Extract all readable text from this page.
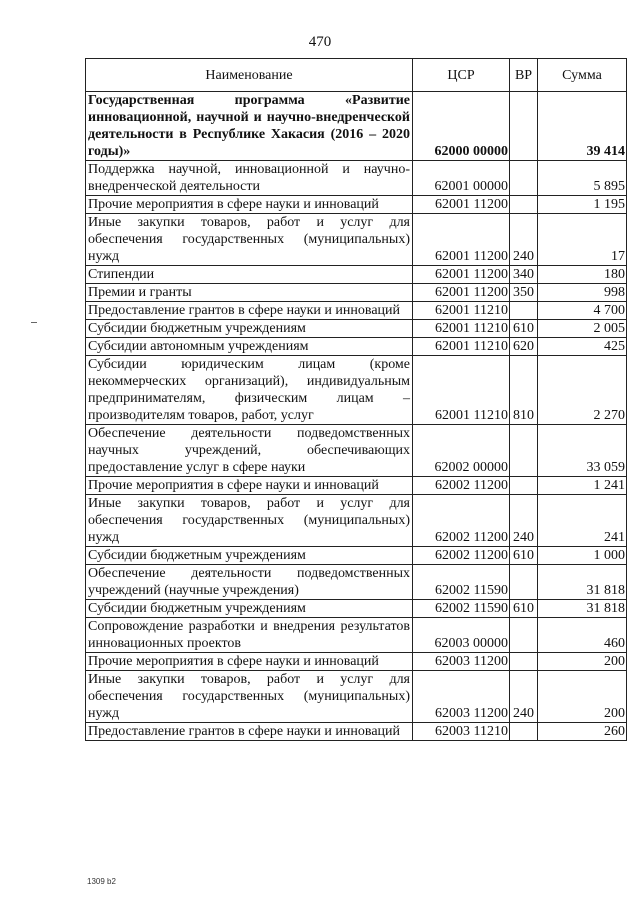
470
Наименование	ЦСР	ВР	Сумма
Государственная программа «Развитие инновационной, научной и научно-внедренческой деятельности в Республике Хакасия (2016 – 2020 годы)»	62000 00000		39 414
Поддержка научной, инновационной и научно-внедренческой деятельности	62001 00000		5 895
Прочие мероприятия в сфере науки и инноваций	62001 11200		1 195
Иные закупки товаров, работ и услуг для обеспечения государственных (муниципальных) нужд	62001 11200	240	17
Стипендии	62001 11200	340	180
Премии и гранты	62001 11200	350	998
Предоставление грантов в сфере науки и инноваций	62001 11210		4 700
Субсидии бюджетным учреждениям	62001 11210	610	2 005
Субсидии автономным учреждениям	62001 11210	620	425
Субсидии юридическим лицам (кроме некоммерческих организаций), индивидуальным предпринимателям, физическим лицам – производителям товаров, работ, услуг	62001 11210	810	2 270
Обеспечение деятельности подведомственных научных учреждений, обеспечивающих предоставление услуг в сфере науки	62002 00000		33 059
Прочие мероприятия в сфере науки и инноваций	62002 11200		1 241
Иные закупки товаров, работ и услуг для обеспечения государственных (муниципальных) нужд	62002 11200	240	241
Субсидии бюджетным учреждениям	62002 11200	610	1 000
Обеспечение деятельности подведомственных учреждений (научные учреждения)	62002 11590		31 818
Субсидии бюджетным учреждениям	62002 11590	610	31 818
Сопровождение разработки и внедрения результатов инновационных проектов	62003 00000		460
Прочие мероприятия в сфере науки и инноваций	62003 11200		200
Иные закупки товаров, работ и услуг для обеспечения государственных (муниципальных) нужд	62003 11200	240	200
Предоставление грантов в сфере науки и инноваций	62003 11210		260
1309 b2
